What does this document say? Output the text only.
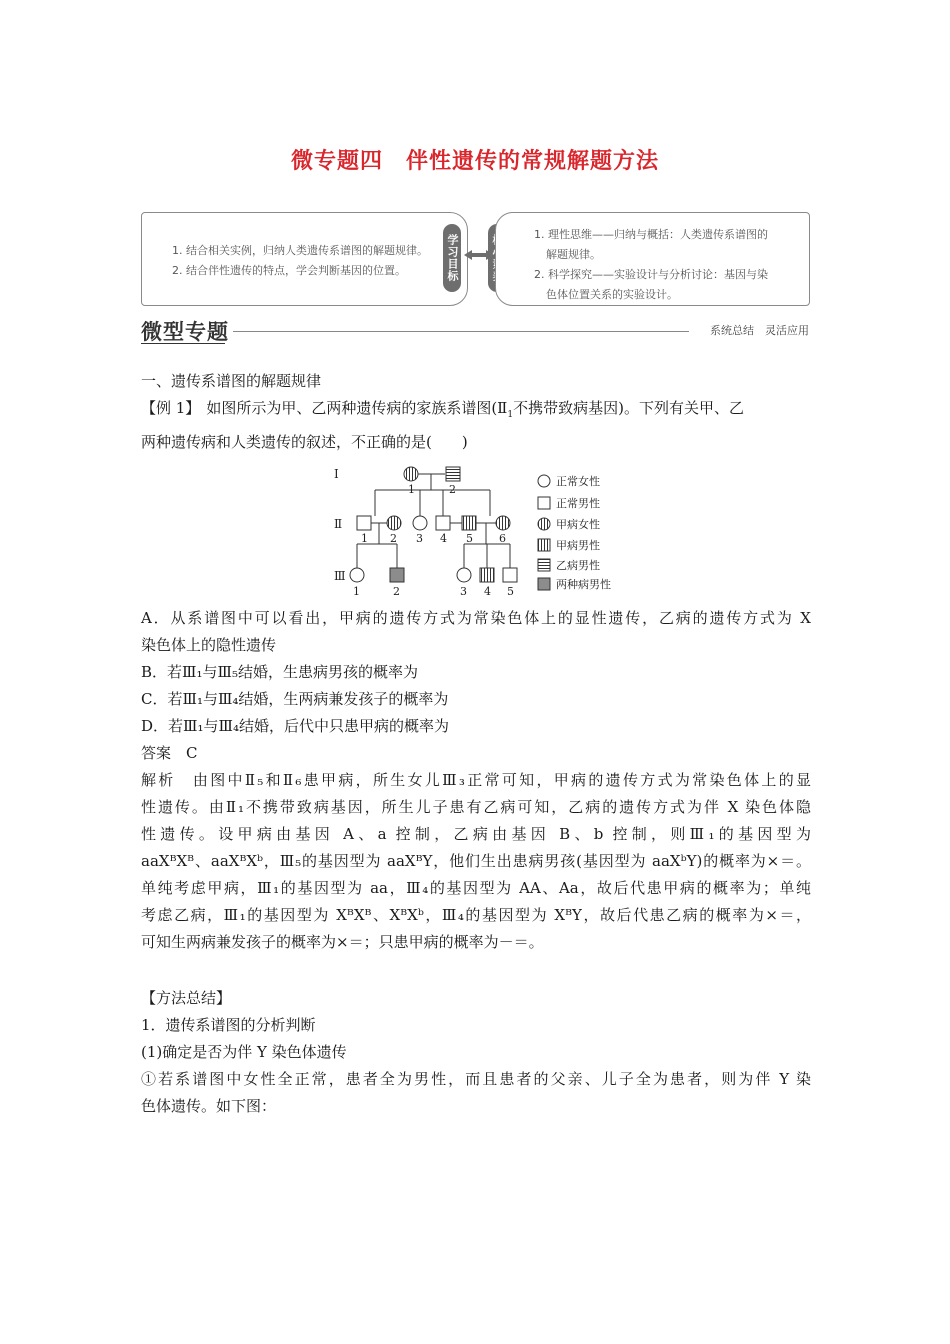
微专题四　伴性遗传的常规解题方法
1. 结合相关实例，归纳人类遗传系谱图的解题规律。
2. 结合伴性遗传的特点，学会判断基因的位置。	学习目标	1. 理性思维——归纳与概括：人类遗传系谱图的
解题规律。
2. 科学探究——实验设计与分析讨论：基因与染
色体位置关系的实验设计。
微型专题	系统总结　灵活应用

一、遗传系谱图的解题规律

【例 1】 如图所示为甲、乙两种遗传病的家族系谱图($Ⅱ_1$不携带致病基因)。下列有关甲、乙

两种遗传病和人类遗传的叙述，不正确的是(　　)

Ⅰ
Ⅱ
Ⅲ
1	2
1 2 3 4 5 6
1	2	3 4 5
正常女性
正常男性
甲病女性
甲病男性
乙病男性
两种病男性

A．从系谱图中可以看出，甲病的遗传方式为常染色体上的显性遗传，乙病的遗传方式为 X

染色体上的隐性遗传

B．若Ⅲ₁与Ⅲ₅结婚，生患病男孩的概率为

C．若Ⅲ₁与Ⅲ₄结婚，生两病兼发孩子的概率为

D．若Ⅲ₁与Ⅲ₄结婚，后代中只患甲病的概率为

答案　C

解析　由图中Ⅱ₅和Ⅱ₆患甲病，所生女儿Ⅲ₃正常可知，甲病的遗传方式为常染色体上的显

性遗传。由Ⅱ₁不携带致病基因，所生儿子患有乙病可知，乙病的遗传方式为伴 X 染色体隐

性遗传。设甲病由基因 A、a 控制，乙病由基因 B、b 控制，则Ⅲ₁的基因型为

aaXᴮXᴮ、aaXᴮXᵇ，Ⅲ₅的基因型为 aaXᴮY，他们生出患病男孩(基因型为 aaXᵇY)的概率为×＝。

单纯考虑甲病，Ⅲ₁的基因型为 aa，Ⅲ₄的基因型为 AA、Aa，故后代患甲病的概率为；单纯

考虑乙病，Ⅲ₁的基因型为 XᴮXᴮ、XᴮXᵇ，Ⅲ₄的基因型为 XᴮY，故后代患乙病的概率为×＝，

可知生两病兼发孩子的概率为×＝；只患甲病的概率为－＝。

【方法总结】

1．遗传系谱图的分析判断

(1)确定是否为伴 Y 染色体遗传

①若系谱图中女性全正常，患者全为男性，而且患者的父亲、儿子全为患者，则为伴 Y 染

色体遗传。如下图：
